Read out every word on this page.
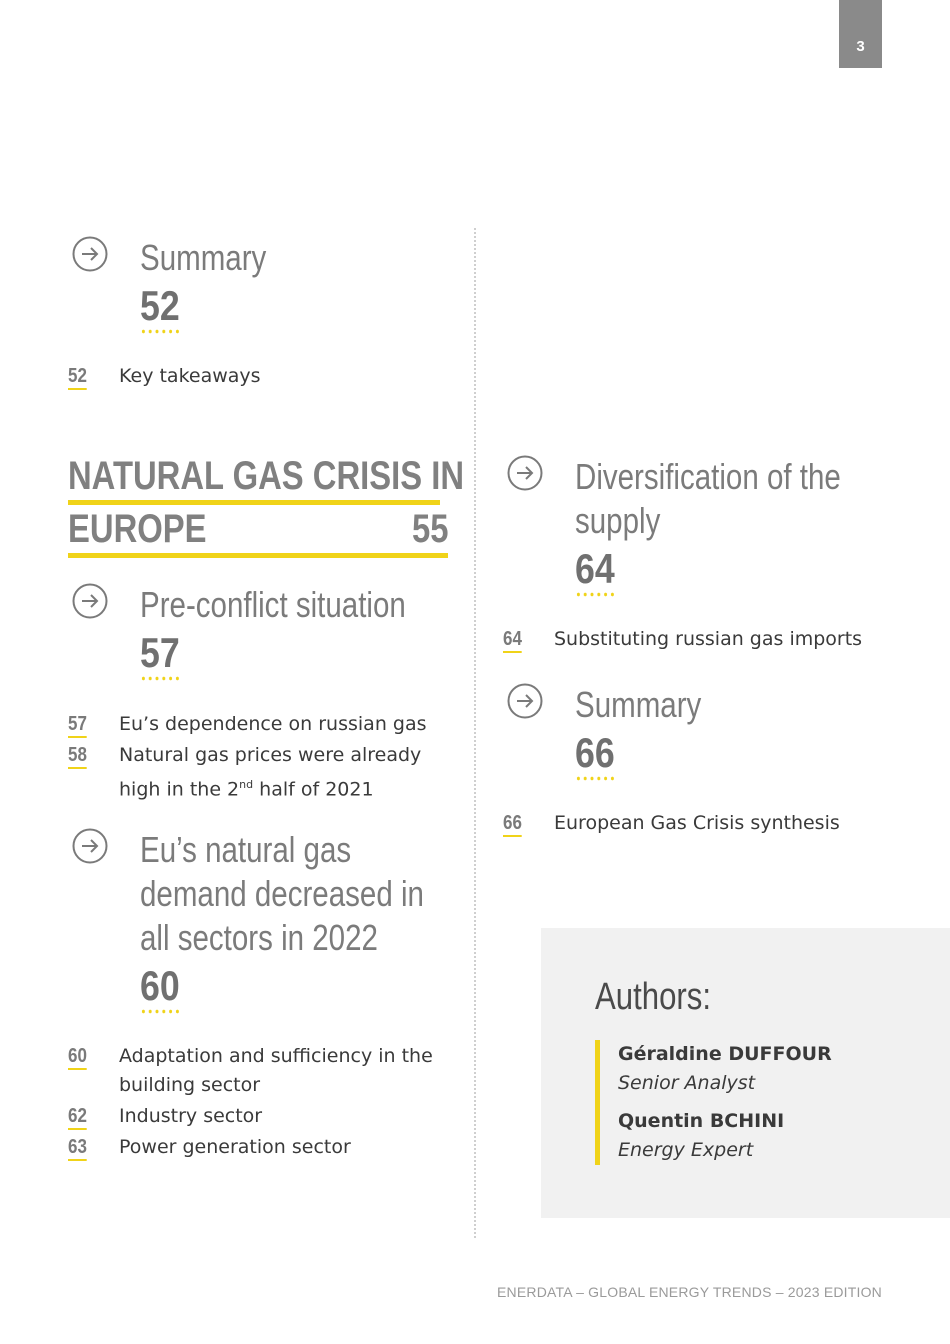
3
Summary
52
52	Key takeaways
NATURAL GAS CRISIS IN
EUROPE	55
Pre-conflict situation
57
57	Eu’s dependence on russian gas
58	Natural gas prices were already high in the 2nd half of 2021
Eu’s natural gas
demand decreased in
all sectors in 2022
60
60	Adaptation and sufficiency in the building sector
62	Industry sector
63	Power generation sector
Diversification of the
supply
64
64	Substituting russian gas imports
Summary
66
66	European Gas Crisis synthesis
Authors:
Géraldine DUFFOUR
Senior Analyst
Quentin BCHINI
Energy Expert
ENERDATA – GLOBAL ENERGY TRENDS – 2023 EDITION
